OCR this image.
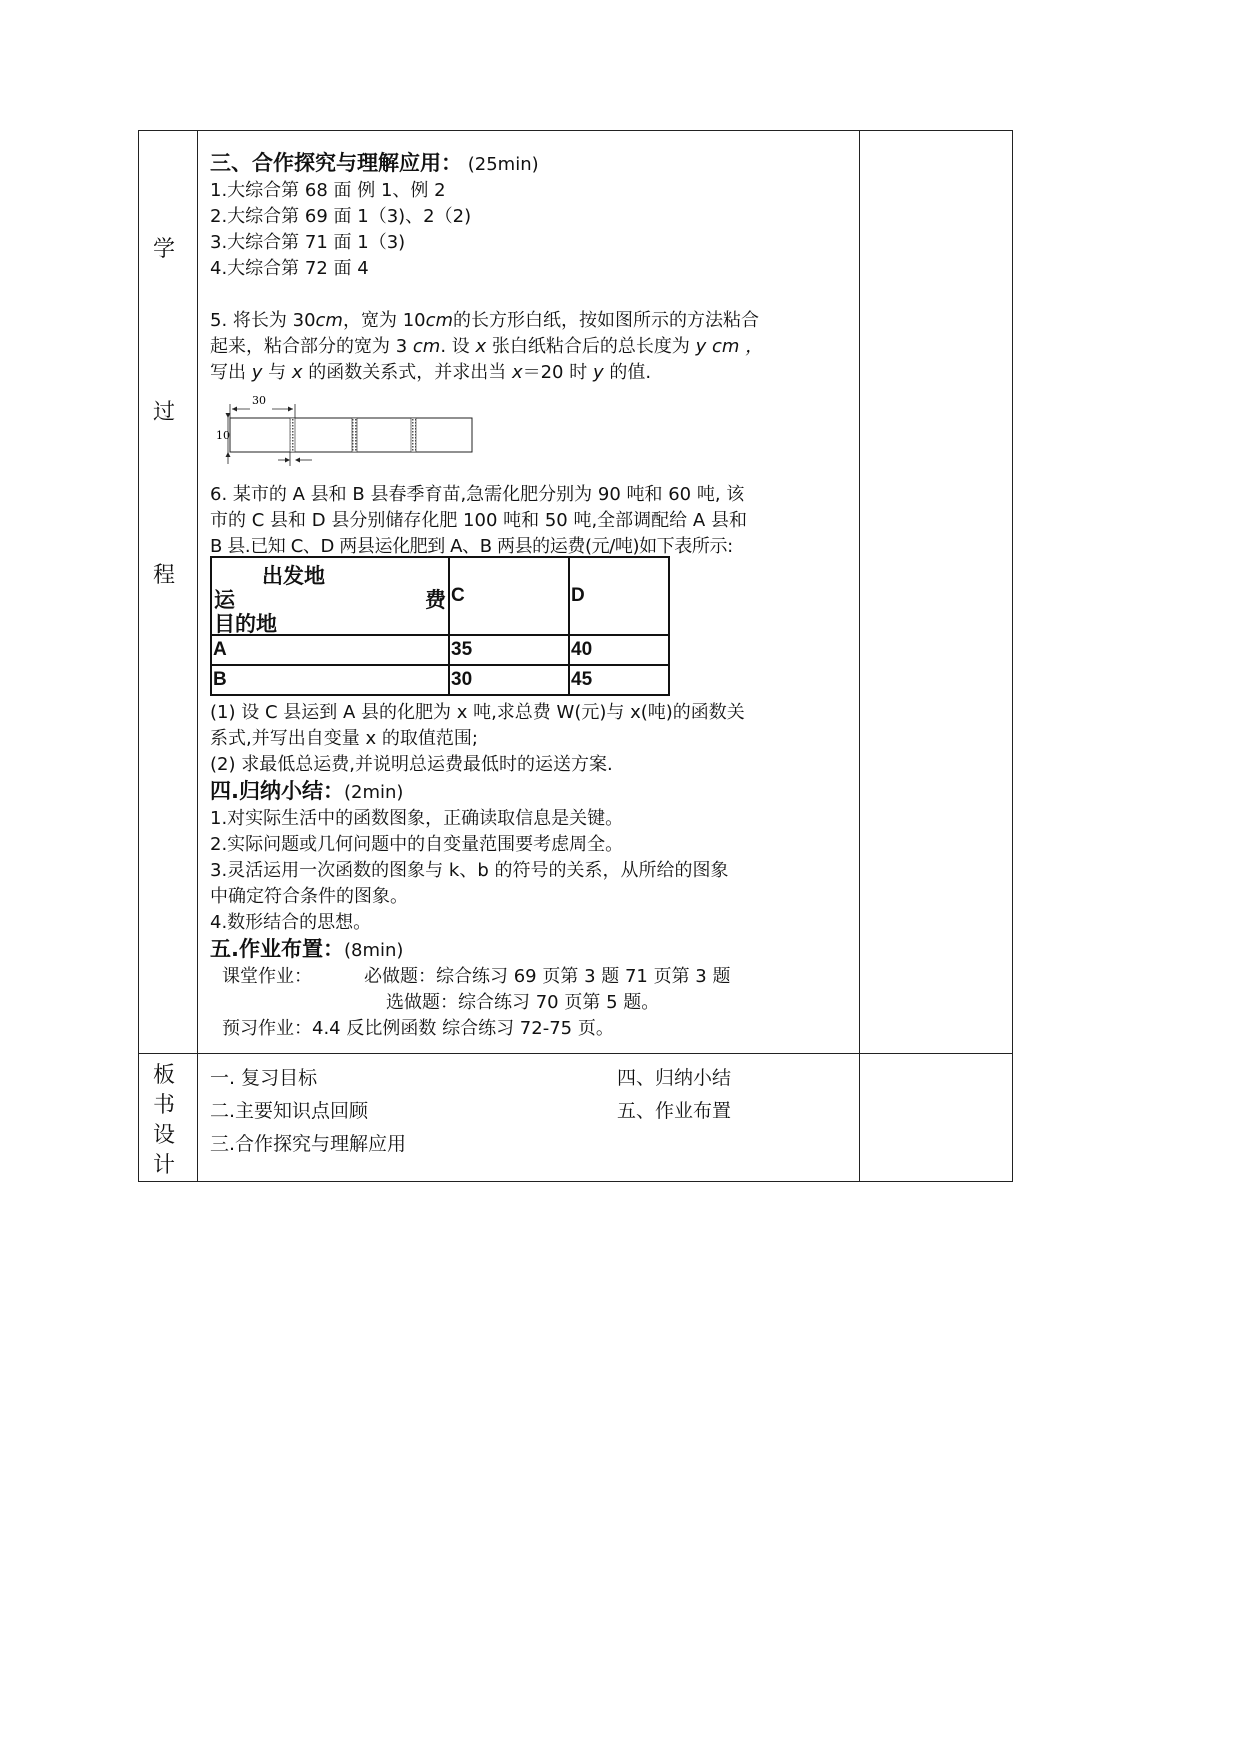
学
过
程
板
书
设
计
三、合作探究与理解应用： (25min)
1.大综合第 68 面 例 1、例 2
2.大综合第 69 面 1（3)、2（2)
3.大综合第 71 面 1（3)
4.大综合第 72 面 4
5. 将长为 30cm，宽为 10cm的长方形白纸，按如图所示的方法粘合
起来，粘合部分的宽为 3 cm. 设 x 张白纸粘合后的总长度为 y cm ，
写出 y 与 x 的函数关系式，并求出当 x＝20 时 y 的值.
30
10
6. 某市的 A 县和 B 县春季育苗,急需化肥分别为 90 吨和 60 吨, 该
市的 C 县和 D 县分别储存化肥 100 吨和 50 吨,全部调配给 A 县和
B 县.已知 C、D 两县运化肥到 A、B 两县的运费(元/吨)如下表所示:
出发地
运 费
目的地	C	D
A	35	40
B	30	45
(1) 设 C 县运到 A 县的化肥为 x 吨,求总费 W(元)与 x(吨)的函数关
系式,并写出自变量 x 的取值范围;
(2) 求最低总运费,并说明总运费最低时的运送方案.
四.归纳小结：(2min)
1.对实际生活中的函数图象，正确读取信息是关键。
2.实际问题或几何问题中的自变量范围要考虑周全。
3.灵活运用一次函数的图象与 k、b 的符号的关系，从所给的图象
中确定符合条件的图象。
4.数形结合的思想。
五.作业布置：(8min)
课堂作业：	必做题：综合练习 69 页第 3 题 71 页第 3 题
选做题：综合练习 70 页第 5 题。
预习作业：4.4 反比例函数 综合练习 72-75 页。
一. 复习目标
二.主要知识点回顾
三.合作探究与理解应用
四、归纳小结
五、作业布置
